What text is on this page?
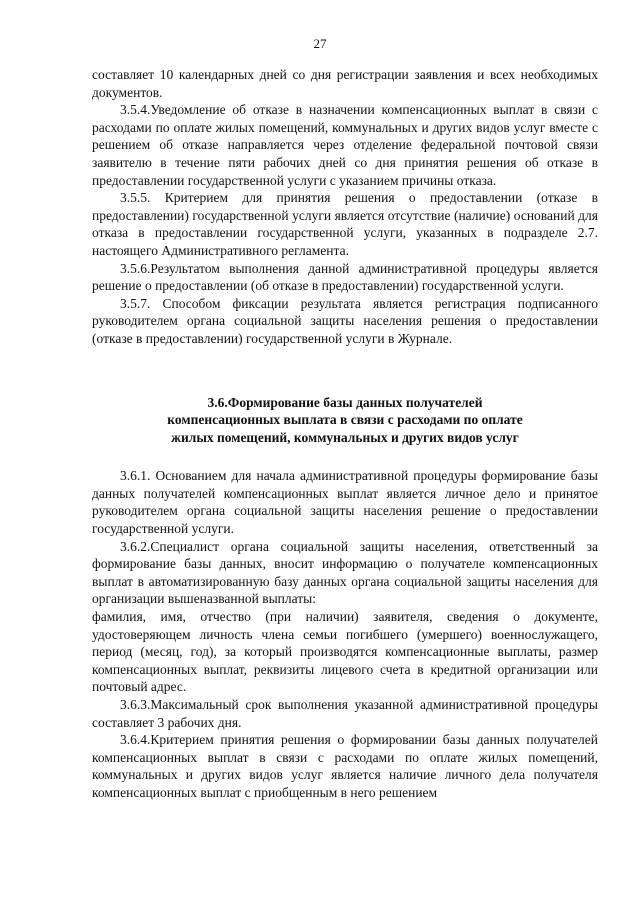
27

составляет 10 календарных дней со дня регистрации заявления и всех необходимых документов.

3.5.4.Уведомление об отказе в назначении компенсационных выплат в связи с расходами по оплате жилых помещений, коммунальных и других видов услуг вместе с решением об отказе направляется через отделение федеральной почтовой связи заявителю в течение пяти рабочих дней со дня принятия решения об отказе в предоставлении государственной услуги с указанием причины отказа.

3.5.5. Критерием для принятия решения о предоставлении (отказе в предоставлении) государственной услуги является отсутствие (наличие) оснований для отказа в предоставлении государственной услуги, указанных в подразделе 2.7. настоящего Административного регламента.

3.5.6.Результатом выполнения данной административной процедуры является решение о предоставлении (об отказе в предоставлении) государственной услуги.

3.5.7. Способом фиксации результата является регистрация подписанного руководителем органа социальной защиты населения решения о предоставлении (отказе в предоставлении) государственной услуги в Журнале.

3.6.Формирование базы данных получателей
компенсационных выплата в связи с расходами по оплате
жилых помещений, коммунальных и других видов услуг

3.6.1. Основанием для начала административной процедуры формирование базы данных получателей компенсационных выплат является личное дело и принятое руководителем органа социальной защиты населения решение о предоставлении государственной услуги.

3.6.2.Специалист органа социальной защиты населения, ответственный за формирование базы данных, вносит информацию о получателе компенсационных выплат в автоматизированную базу данных органа социальной защиты населения для организации вышеназванной выплаты:

фамилия, имя, отчество (при наличии) заявителя, сведения о документе, удостоверяющем личность члена семьи погибшего (умершего) военнослужащего, период (месяц, год), за который производятся компенсационные выплаты, размер компенсационных выплат, реквизиты лицевого счета в кредитной организации или почтовый адрес.

3.6.3.Максимальный срок выполнения указанной административной процедуры составляет 3 рабочих дня.

3.6.4.Критерием принятия решения о формировании базы данных получателей компенсационных выплат в связи с расходами по оплате жилых помещений, коммунальных и других видов услуг является наличие личного дела получателя компенсационных выплат с приобщенным в него решением
